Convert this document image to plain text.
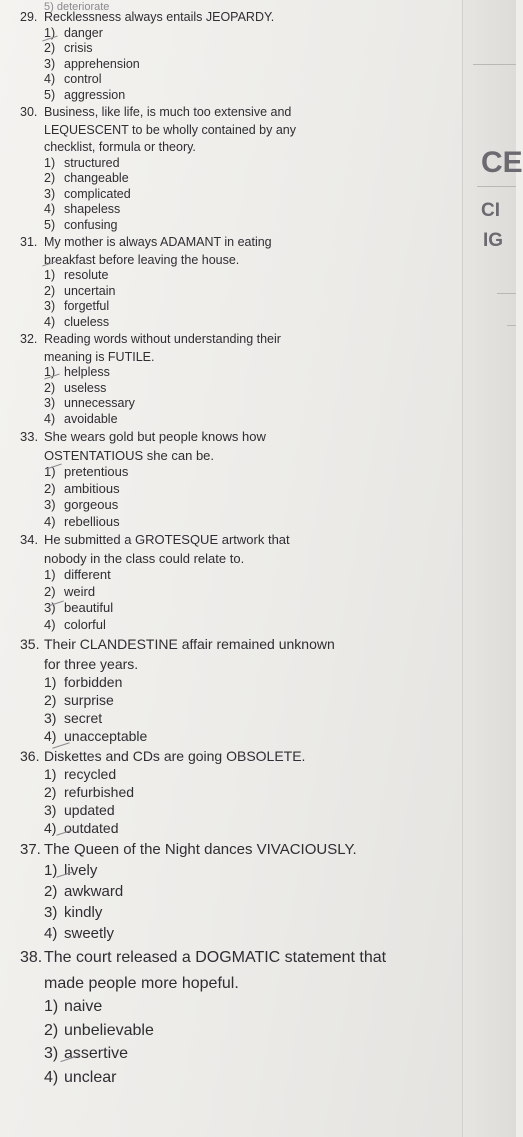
CE
CI
IG
5) deteriorate
29. Recklessness always entails JEOPARDY.
1) danger
2) crisis
3) apprehension
4) control
5) aggression
30. Business, like life, is much too extensive and
LEQUESCENT to be wholly contained by any
checklist, formula or theory.
1) structured
2) changeable
3) complicated
4) shapeless
5) confusing
31. My mother is always ADAMANT in eating
breakfast before leaving the house.
1) resolute
2) uncertain
3) forgetful
4) clueless
32. Reading words without understanding their
meaning is FUTILE.
1) helpless
2) useless
3) unnecessary
4) avoidable
33. She wears gold but people knows how
OSTENTATIOUS she can be.
1) pretentious
2) ambitious
3) gorgeous
4) rebellious
34. He submitted a GROTESQUE artwork that
nobody in the class could relate to.
1) different
2) weird
3) beautiful
4) colorful
35. Their CLANDESTINE affair remained unknown
for three years.
1) forbidden
2) surprise
3) secret
4) unacceptable
36. Diskettes and CDs are going OBSOLETE.
1) recycled
2) refurbished
3) updated
4) outdated
37. The Queen of the Night dances VIVACIOUSLY.
1) lively
2) awkward
3) kindly
4) sweetly
38. The court released a DOGMATIC statement that
made people more hopeful.
1) naive
2) unbelievable
3) assertive
4) unclear
